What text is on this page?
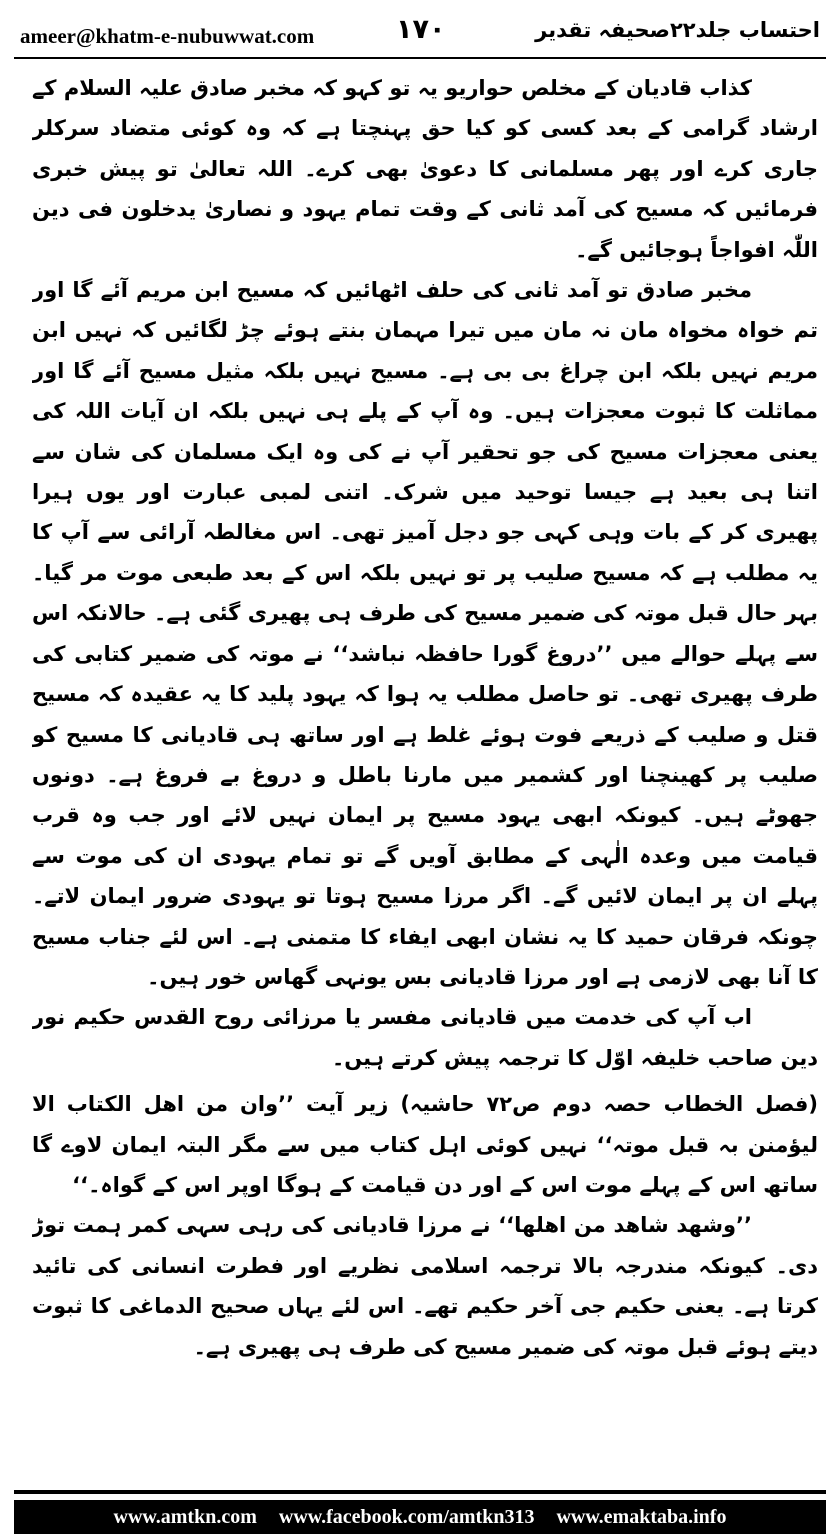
ameer@khatm-e-nubuwwat.com	۱۷۰	احتساب جلد۲۲صحیفہ تقدیر

کذاب قادیان کے مخلص حواریو یہ تو کہو کہ مخبر صادق علیہ السلام کے ارشاد گرامی کے بعد کسی کو کیا حق پہنچتا ہے کہ وہ کوئی متضاد سرکلر جاری کرے اور پھر مسلمانی کا دعویٰ بھی کرے۔ اللہ تعالیٰ تو پیش خبری فرمائیں کہ مسیح کی آمد ثانی کے وقت تمام یہود و نصاریٰ یدخلون فی دین اللّٰہ افواجاً ہوجائیں گے۔

مخبر صادق تو آمد ثانی کی حلف اٹھائیں کہ مسیح ابن مریم آئے گا اور تم خواہ مخواہ مان نہ مان میں تیرا مہمان بنتے ہوئے چڑ لگائیں کہ نہیں ابن مریم نہیں بلکہ ابن چراغ بی بی ہے۔ مسیح نہیں بلکہ مثیل مسیح آئے گا اور مماثلت کا ثبوت معجزات ہیں۔ وہ آپ کے پلے ہی نہیں بلکہ ان آیات اللہ کی یعنی معجزات مسیح کی جو تحقیر آپ نے کی وہ ایک مسلمان کی شان سے اتنا ہی بعید ہے جیسا توحید میں شرک۔ اتنی لمبی عبارت اور یوں ہیرا پھیری کر کے بات وہی کہی جو دجل آمیز تھی۔ اس مغالطہ آرائی سے آپ کا یہ مطلب ہے کہ مسیح صلیب پر تو نہیں بلکہ اس کے بعد طبعی موت مر گیا۔ بہر حال قبل موتہ کی ضمیر مسیح کی طرف ہی پھیری گئی ہے۔ حالانکہ اس سے پہلے حوالے میں ’’دروغ گورا حافظہ نباشد‘‘ نے موتہ کی ضمیر کتابی کی طرف پھیری تھی۔ تو حاصل مطلب یہ ہوا کہ یہود پلید کا یہ عقیدہ کہ مسیح قتل و صلیب کے ذریعے فوت ہوئے غلط ہے اور ساتھ ہی قادیانی کا مسیح کو صلیب پر کھینچنا اور کشمیر میں مارنا باطل و دروغ بے فروغ ہے۔ دونوں جھوٹے ہیں۔ کیونکہ ابھی یہود مسیح پر ایمان نہیں لائے اور جب وہ قرب قیامت میں وعدہ الٰہی کے مطابق آویں گے تو تمام یہودی ان کی موت سے پہلے ان پر ایمان لائیں گے۔ اگر مرزا مسیح ہوتا تو یہودی ضرور ایمان لاتے۔ چونکہ فرقان حمید کا یہ نشان ابھی ایفاء کا متمنی ہے۔ اس لئے جناب مسیح کا آنا بھی لازمی ہے اور مرزا قادیانی بس یونہی گھاس خور ہیں۔

اب آپ کی خدمت میں قادیانی مفسر یا مرزائی روح القدس حکیم نور دین صاحب خلیفہ اوّل کا ترجمہ پیش کرتے ہیں۔

(فصل الخطاب حصہ دوم ص۷۲ حاشیہ) زیر آیت ’’وان من اھل الکتاب الا لیؤمنن بہ قبل موتہ‘‘ نہیں کوئی اہل کتاب میں سے مگر البتہ ایمان لاوے گا ساتھ اس کے پہلے موت اس کے اور دن قیامت کے ہوگا اوپر اس کے گواہ۔‘‘

’’وشھد شاھد من اھلھا‘‘ نے مرزا قادیانی کی رہی سہی کمر ہمت توڑ دی۔ کیونکہ مندرجہ بالا ترجمہ اسلامی نظریے اور فطرت انسانی کی تائید کرتا ہے۔ یعنی حکیم جی آخر حکیم تھے۔ اس لئے یہاں صحیح الدماغی کا ثبوت دیتے ہوئے قبل موتہ کی ضمیر مسیح کی طرف ہی پھیری ہے۔

www.amtkn.com www.facebook.com/amtkn313 www.emaktaba.info
